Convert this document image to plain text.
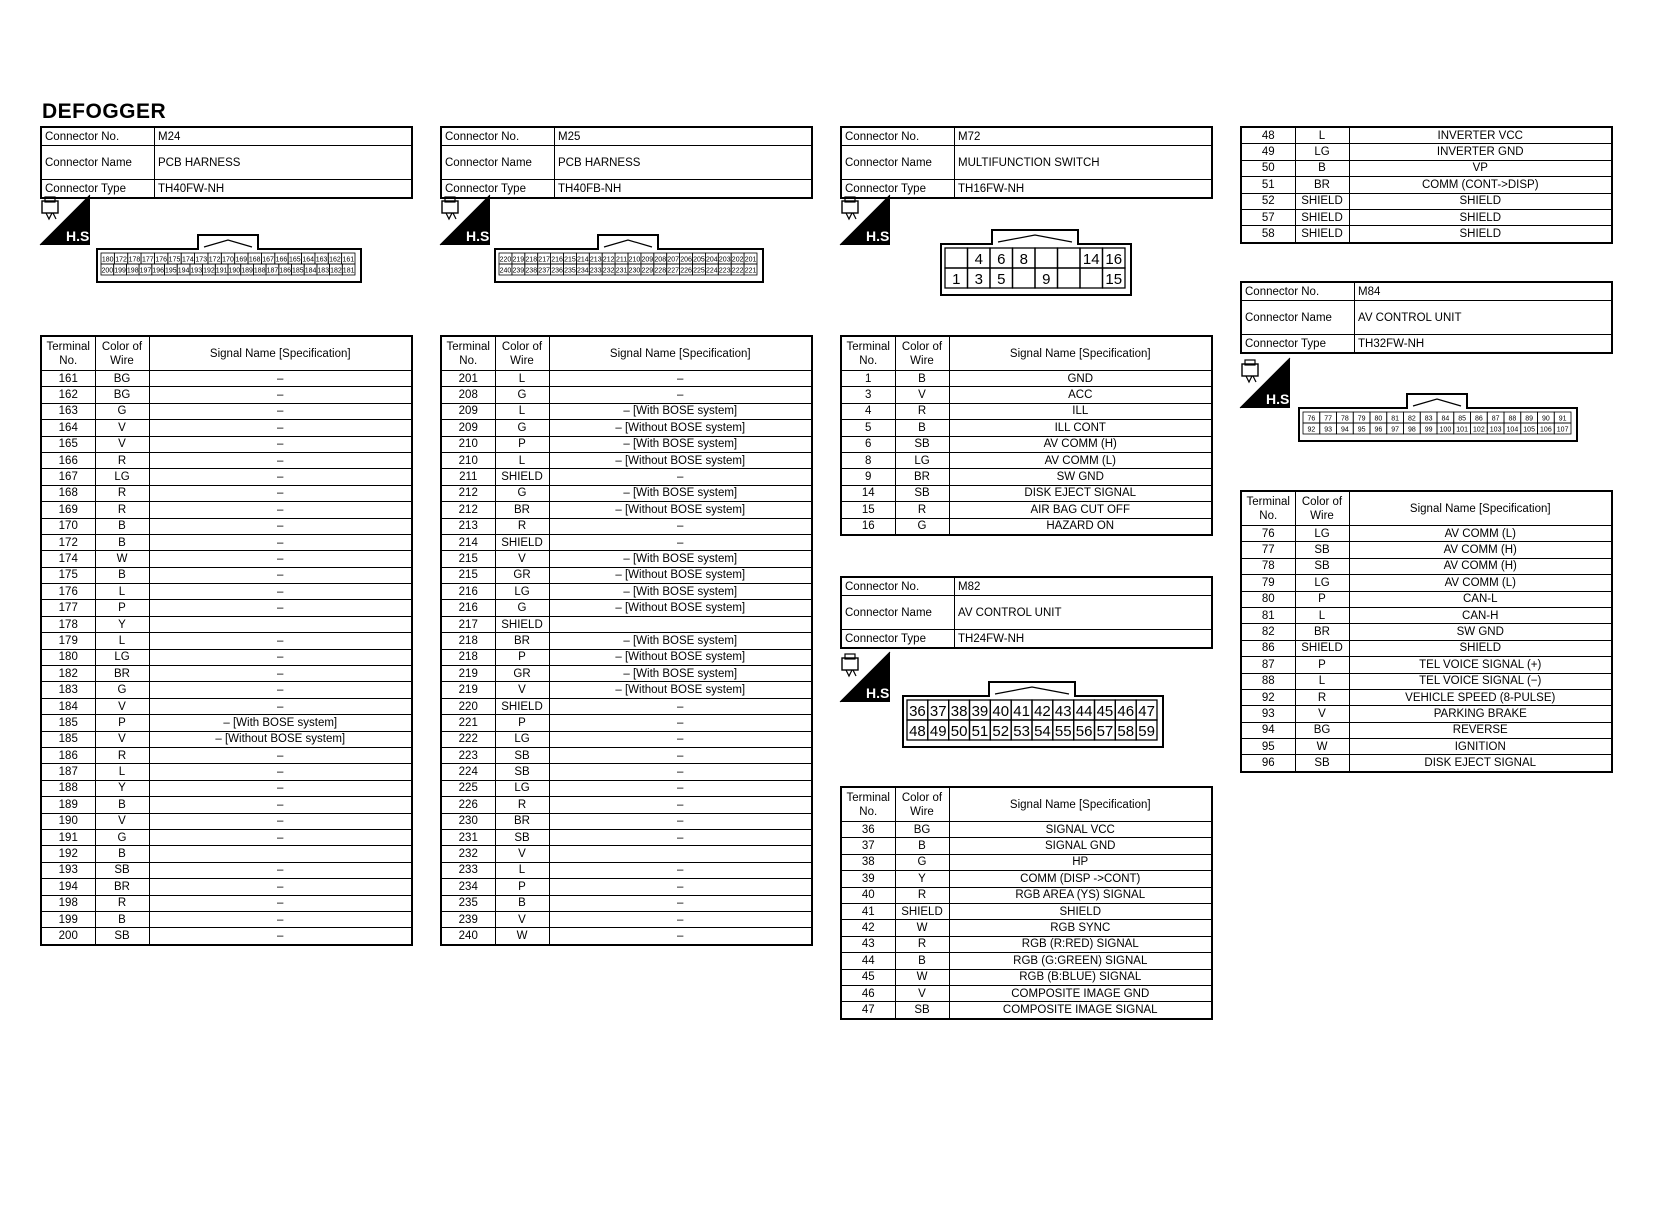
DEFOGGER
Connector No.	M24
Connector Name	PCB HARNESS
Connector Type	TH40FW-NH
H.S.
180 172 178 177 176 175 174 173 172 170 169 168 167 166 165 164 163 162 161
200 199 198 197 196 195 194 193 192 191 190 189 188 187 186 185 184 183 182 181
Terminal No.	Color of Wire	Signal Name [Specification]
161	BG	–
162	BG	–
163	G	–
164	V	–
165	V	–
166	R	–
167	LG	–
168	R	–
169	R	–
170	B	–
172	B	–
174	W	–
175	B	–
176	L	–
177	P	–
178	Y	
179	L	–
180	LG	–
182	BR	–
183	G	–
184	V	–
185	P	– [With BOSE system]
185	V	– [Without BOSE system]
186	R	–
187	L	–
188	Y	–
189	B	–
190	V	–
191	G	–
192	B	
193	SB	–
194	BR	–
198	R	–
199	B	–
200	SB	–
Connector No.	M25
Connector Name	PCB HARNESS
Connector Type	TH40FB-NH
H.S.
220 219 218 217 216 215 214 213 212 211 210 209 208 207 206 205 204 203 202 201
240 239 238 237 236 235 234 233 232 231 230 229 228 227 226 225 224 223 222 221
Terminal No.	Color of Wire	Signal Name [Specification]
201	L	–
208	G	–
209	L	– [With BOSE system]
209	G	– [Without BOSE system]
210	P	– [With BOSE system]
210	L	– [Without BOSE system]
211	SHIELD	–
212	G	– [With BOSE system]
212	BR	– [Without BOSE system]
213	R	–
214	SHIELD	–
215	V	– [With BOSE system]
215	GR	– [Without BOSE system]
216	LG	– [With BOSE system]
216	G	– [Without BOSE system]
217	SHIELD	
218	BR	– [With BOSE system]
218	P	– [Without BOSE system]
219	GR	– [With BOSE system]
219	V	– [Without BOSE system]
220	SHIELD	–
221	P	–
222	LG	–
223	SB	–
224	SB	–
225	LG	–
226	R	–
230	BR	–
231	SB	–
232	V	
233	L	–
234	P	–
235	B	–
239	V	–
240	W	–
Connector No.	M72
Connector Name	MULTIFUNCTION SWITCH
Connector Type	TH16FW-NH
H.S.
4 6 8	14 16
1 3 5 9	15
Terminal No.	Color of Wire	Signal Name [Specification]
1	B	GND
3	V	ACC
4	R	ILL
5	B	ILL CONT
6	SB	AV COMM (H)
8	LG	AV COMM (L)
9	BR	SW GND
14	SB	DISK EJECT SIGNAL
15	R	AIR BAG CUT OFF
16	G	HAZARD ON
Connector No.	M82
Connector Name	AV CONTROL UNIT
Connector Type	TH24FW-NH
H.S.
36 37 38 39 40 41 42 43 44 45 46 47
48 49 50 51 52 53 54 55 56 57 58 59
Terminal No.	Color of Wire	Signal Name [Specification]
36	BG	SIGNAL VCC
37	B	SIGNAL GND
38	G	HP
39	Y	COMM (DISP ->CONT)
40	R	RGB AREA (YS) SIGNAL
41	SHIELD	SHIELD
42	W	RGB SYNC
43	R	RGB (R:RED) SIGNAL
44	B	RGB (G:GREEN) SIGNAL
45	W	RGB (B:BLUE) SIGNAL
46	V	COMPOSITE IMAGE GND
47	SB	COMPOSITE IMAGE SIGNAL
48	L	INVERTER VCC
49	LG	INVERTER GND
50	B	VP
51	BR	COMM (CONT->DISP)
52	SHIELD	SHIELD
57	SHIELD	SHIELD
58	SHIELD	SHIELD
Connector No.	M84
Connector Name	AV CONTROL UNIT
Connector Type	TH32FW-NH
H.S.
76 77 78 79 80 81 82 83 84 85 86 87 88 89 90 91
92 93 94 95 96 97 98 99 100 101 102 103 104 105 106 107
Terminal No.	Color of Wire	Signal Name [Specification]
76	LG	AV COMM (L)
77	SB	AV COMM (H)
78	SB	AV COMM (H)
79	LG	AV COMM (L)
80	P	CAN-L
81	L	CAN-H
82	BR	SW GND
86	SHIELD	SHIELD
87	P	TEL VOICE SIGNAL (+)
88	L	TEL VOICE SIGNAL (−)
92	R	VEHICLE SPEED (8-PULSE)
93	V	PARKING BRAKE
94	BG	REVERSE
95	W	IGNITION
96	SB	DISK EJECT SIGNAL
